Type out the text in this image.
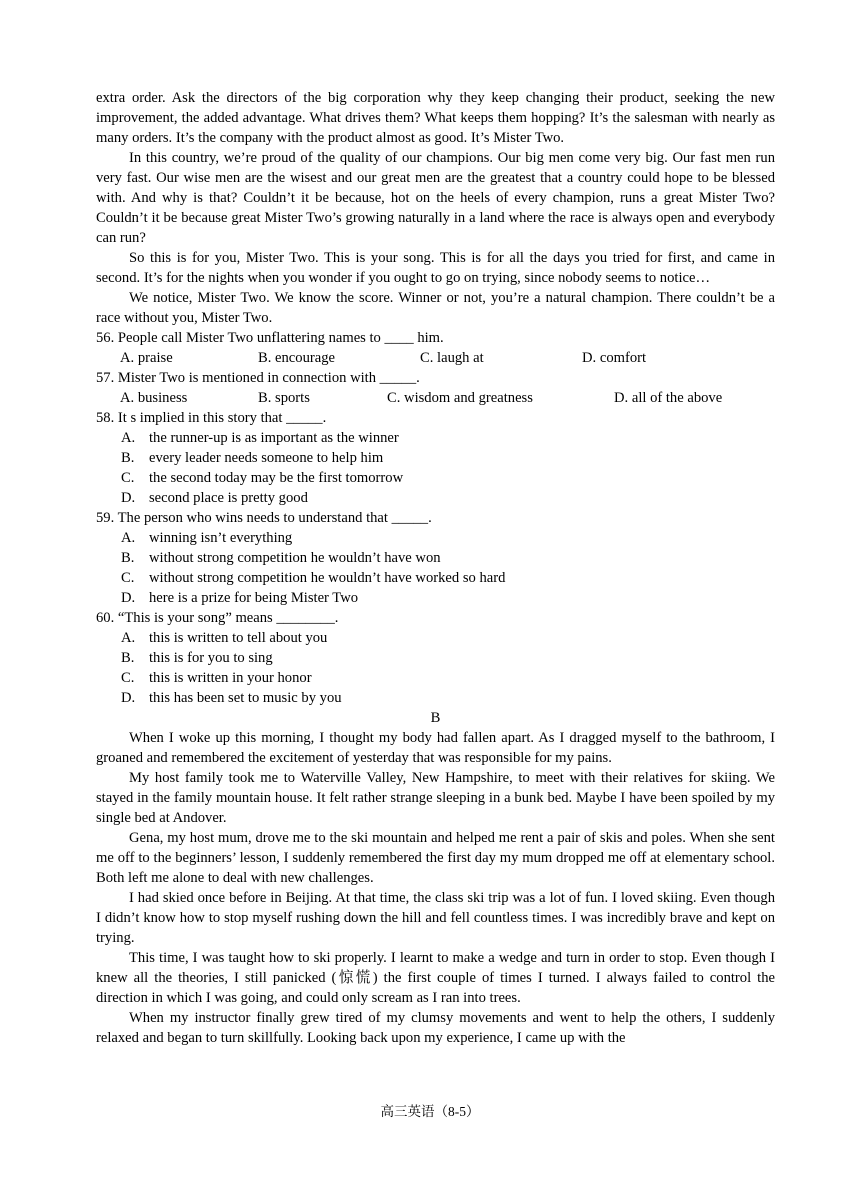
extra order. Ask the directors of the big corporation why they keep changing their product, seeking the new improvement, the added advantage. What drives them? What keeps them hopping? It’s the salesman with nearly as many orders. It’s the company with the product almost as good. It’s Mister Two.

In this country, we’re proud of the quality of our champions. Our big men come very big. Our fast men run very fast. Our wise men are the wisest and our great men are the greatest that a country could hope to be blessed with. And why is that? Couldn’t it be because, hot on the heels of every champion, runs a great Mister Two? Couldn’t it be because great Mister Two’s growing naturally in a land where the race is always open and everybody can run?

So this is for you, Mister Two. This is your song. This is for all the days you tried for first, and came in second. It’s for the nights when you wonder if you ought to go on trying, since nobody seems to notice…

We notice, Mister Two. We know the score. Winner or not, you’re a natural champion. There couldn’t be a race without you, Mister Two.

56. People call Mister Two unflattering names to ____ him.

A. praise	B. encourage	C. laugh at	D. comfort

57. Mister Two is mentioned in connection with _____.

A. business	B. sports	C. wisdom and greatness	D. all of the above

58. It s implied in this story that _____.

A. the runner-up is as important as the winner
B.	every leader needs someone to help him
C.	the second today may be the first tomorrow
D. second place is pretty good

59. The person who wins needs to understand that _____.

A. winning isn’t everything
B.	without strong competition he wouldn’t have won
C.	without strong competition he wouldn’t have worked so hard
D. here is a prize for being Mister Two

60. “This is your song” means ________.

A. this is written to tell about you
B.	this is for you to sing
C.	this is written in your honor
D. this has been set to music by you

B

When I woke up this morning, I thought my body had fallen apart. As I dragged myself to the bathroom, I groaned and remembered the excitement of yesterday that was responsible for my pains.

My host family took me to Waterville Valley, New Hampshire, to meet with their relatives for skiing. We stayed in the family mountain house. It felt rather strange sleeping in a bunk bed. Maybe I have been spoiled by my single bed at Andover.

Gena, my host mum, drove me to the ski mountain and helped me rent a pair of skis and poles. When she sent me off to the beginners’ lesson, I suddenly remembered the first day my mum dropped me off at elementary school. Both left me alone to deal with new challenges.

I had skied once before in Beijing. At that time, the class ski trip was a lot of fun. I loved skiing. Even though I didn’t know how to stop myself rushing down the hill and fell countless times. I was incredibly brave and kept on trying.

This time, I was taught how to ski properly. I learnt to make a wedge and turn in order to stop. Even though I knew all the theories, I still panicked (惊慌) the first couple of times I turned. I always failed to control the direction in which I was going, and could only scream as I ran into trees.

When my instructor finally grew tired of my clumsy movements and went to help the others, I suddenly relaxed and began to turn skillfully. Looking back upon my experience, I came up with the

高三英语（8-5）
